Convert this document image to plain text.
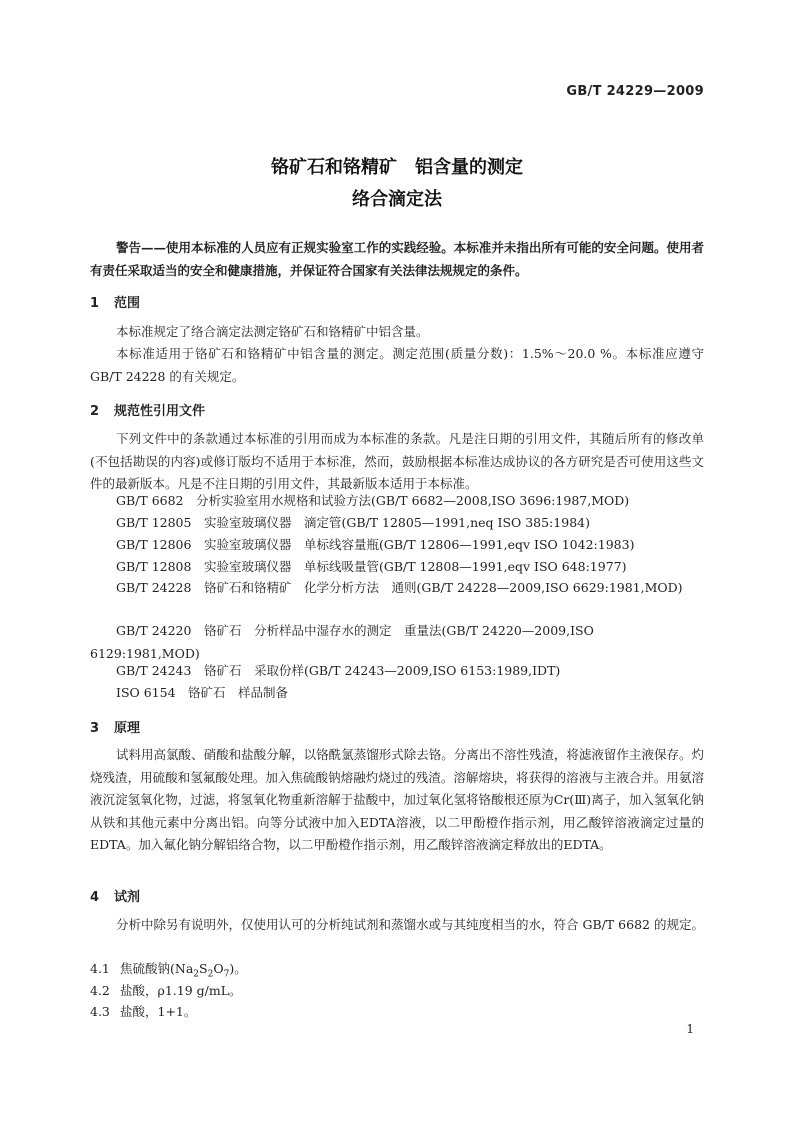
GB/T 24229—2009
铬矿石和铬精矿　铝含量的测定
络合滴定法
警告——使用本标准的人员应有正规实验室工作的实践经验。本标准并未指出所有可能的安全问题。使用者有责任采取适当的安全和健康措施，并保证符合国家有关法律法规规定的条件。
1 范围
本标准规定了络合滴定法测定铬矿石和铬精矿中铝含量。
本标准适用于铬矿石和铬精矿中铝含量的测定。测定范围(质量分数)：1.5%～20.0 %。本标准应遵守 GB/T 24228 的有关规定。
2 规范性引用文件
下列文件中的条款通过本标准的引用而成为本标准的条款。凡是注日期的引用文件，其随后所有的修改单(不包括勘误的内容)或修订版均不适用于本标准，然而，鼓励根据本标准达成协议的各方研究是否可使用这些文件的最新版本。凡是不注日期的引用文件，其最新版本适用于本标准。
GB/T 6682　分析实验室用水规格和试验方法(GB/T 6682—2008,ISO 3696:1987,MOD)
GB/T 12805　实验室玻璃仪器　滴定管(GB/T 12805—1991,neq ISO 385:1984)
GB/T 12806　实验室玻璃仪器　单标线容量瓶(GB/T 12806—1991,eqv ISO 1042:1983)
GB/T 12808　实验室玻璃仪器　单标线吸量管(GB/T 12808—1991,eqv ISO 648:1977)
GB/T 24228　铬矿石和铬精矿　化学分析方法　通则(GB/T 24228—2009,ISO 6629:1981,MOD)
GB/T 24220　铬矿石　分析样品中湿存水的测定　重量法(GB/T 24220—2009,ISO 6129:1981,MOD)
GB/T 24243　铬矿石　采取份样(GB/T 24243—2009,ISO 6153:1989,IDT)
ISO 6154　铬矿石　样品制备
3 原理
试料用高氯酸、硝酸和盐酸分解，以铬酰氯蒸馏形式除去铬。分离出不溶性残渣，将滤液留作主液保存。灼烧残渣，用硫酸和氢氟酸处理。加入焦硫酸钠熔融灼烧过的残渣。溶解熔块，将获得的溶液与主液合并。用氨溶液沉淀氢氧化物，过滤，将氢氧化物重新溶解于盐酸中，加过氧化氢将铬酸根还原为Cr(Ⅲ)离子，加入氢氧化钠从铁和其他元素中分离出铝。向等分试液中加入EDTA溶液，以二甲酚橙作指示剂，用乙酸锌溶液滴定过量的EDTA。加入氟化钠分解铝络合物，以二甲酚橙作指示剂，用乙酸锌溶液滴定释放出的EDTA。
4 试剂
分析中除另有说明外，仅使用认可的分析纯试剂和蒸馏水或与其纯度相当的水，符合 GB/T 6682 的规定。
4.1 焦硫酸钠$(Na_2S_2O_7)$。
4.2 盐酸，ρ1.19 g/mL。
4.3 盐酸，1+1。
1
